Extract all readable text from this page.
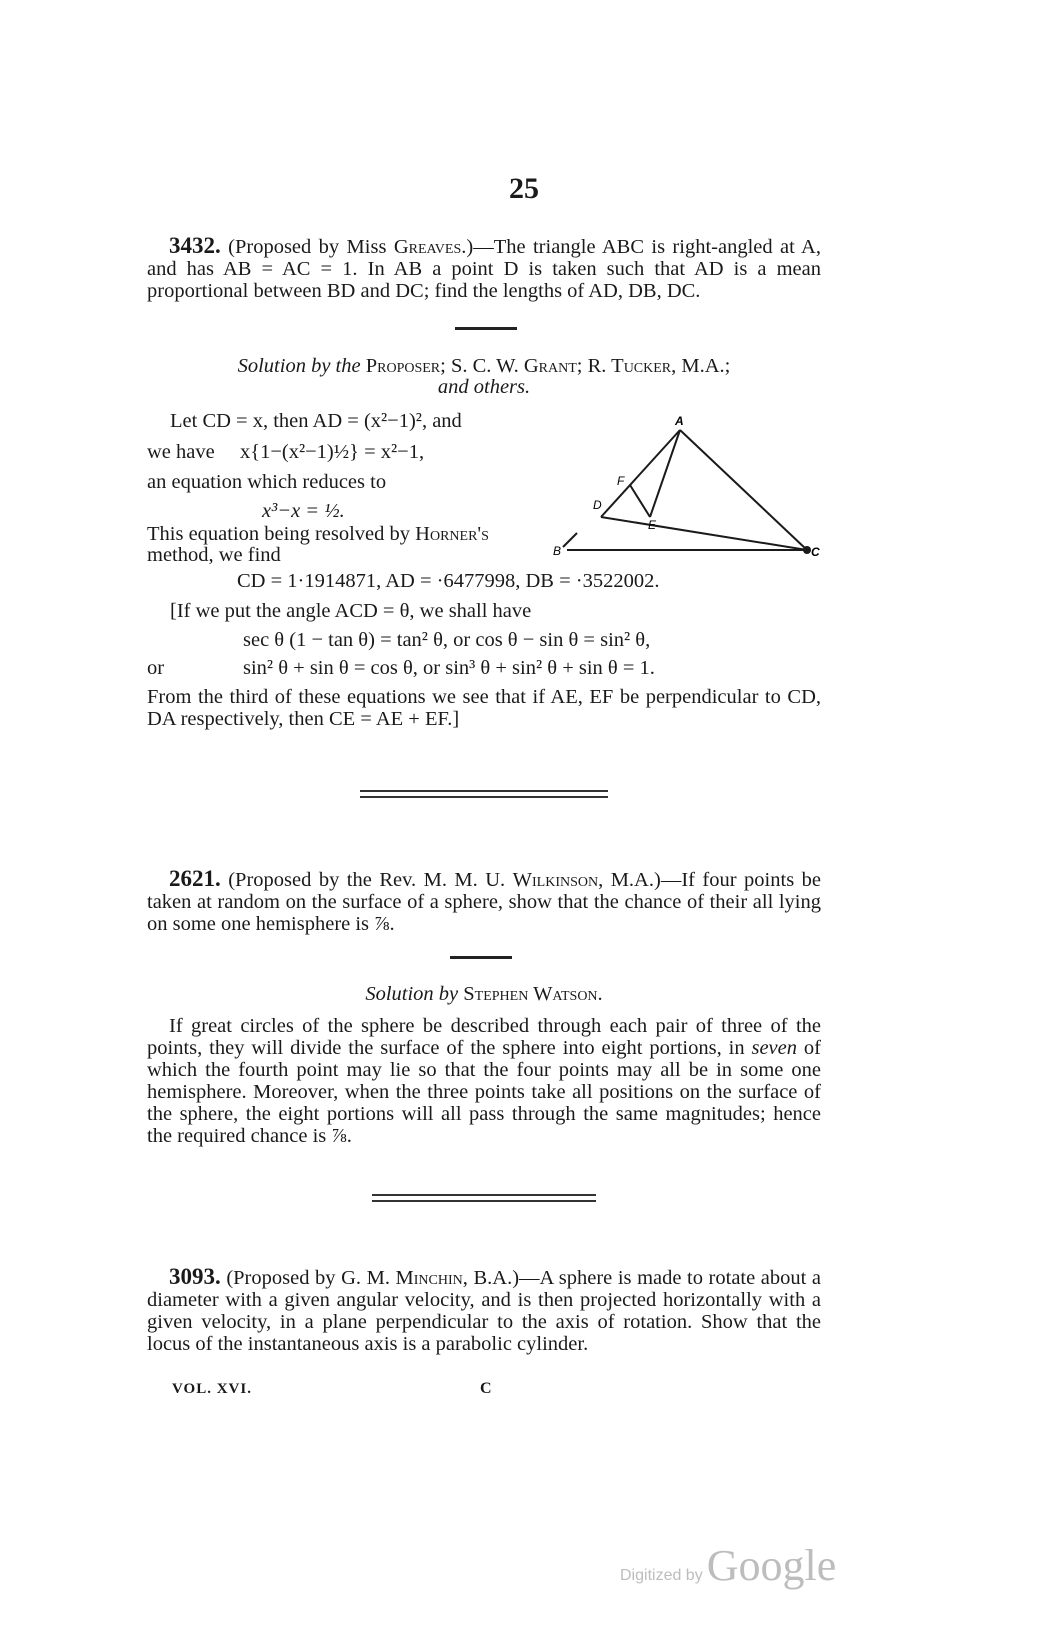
25
3432. (Proposed by Miss Greaves.)—The triangle ABC is right-angled at A, and has AB = AC = 1. In AB a point D is taken such that AD is a mean proportional between BD and DC; find the lengths of AD, DB, DC.
Solution by the Proposer; S. C. W. Grant; R. Tucker, M.A.;
and others.
Let CD = x, then AD = (x²−1)², and
we have x{1−(x²−1)½} = x²−1,
an equation which reduces to
x³−x = ½.
This equation being resolved by Horner's
method, we find
A
B	C
D
E
F
CD = 1·1914871, AD = ·6477998, DB = ·3522002.
[If we put the angle ACD = θ, we shall have
sec θ (1 − tan θ) = tan² θ, or cos θ − sin θ = sin² θ,
or	sin² θ + sin θ = cos θ, or sin³ θ + sin² θ + sin θ = 1.
From the third of these equations we see that if AE, EF be perpendicular to CD, DA respectively, then CE = AE + EF.]
2621. (Proposed by the Rev. M. M. U. Wilkinson, M.A.)—If four points be taken at random on the surface of a sphere, show that the chance of their all lying on some one hemisphere is ⅞.
Solution by Stephen Watson.
If great circles of the sphere be described through each pair of three of the points, they will divide the surface of the sphere into eight portions, in seven of which the fourth point may lie so that the four points may all be in some one hemisphere. Moreover, when the three points take all positions on the surface of the sphere, the eight portions will all pass through the same magnitudes; hence the required chance is ⅞.
3093. (Proposed by G. M. Minchin, B.A.)—A sphere is made to rotate about a diameter with a given angular velocity, and is then projected horizontally with a given velocity, in a plane perpendicular to the axis of rotation. Show that the locus of the instantaneous axis is a parabolic cylinder.
VOL. XVI.	C
Digitized by Google
